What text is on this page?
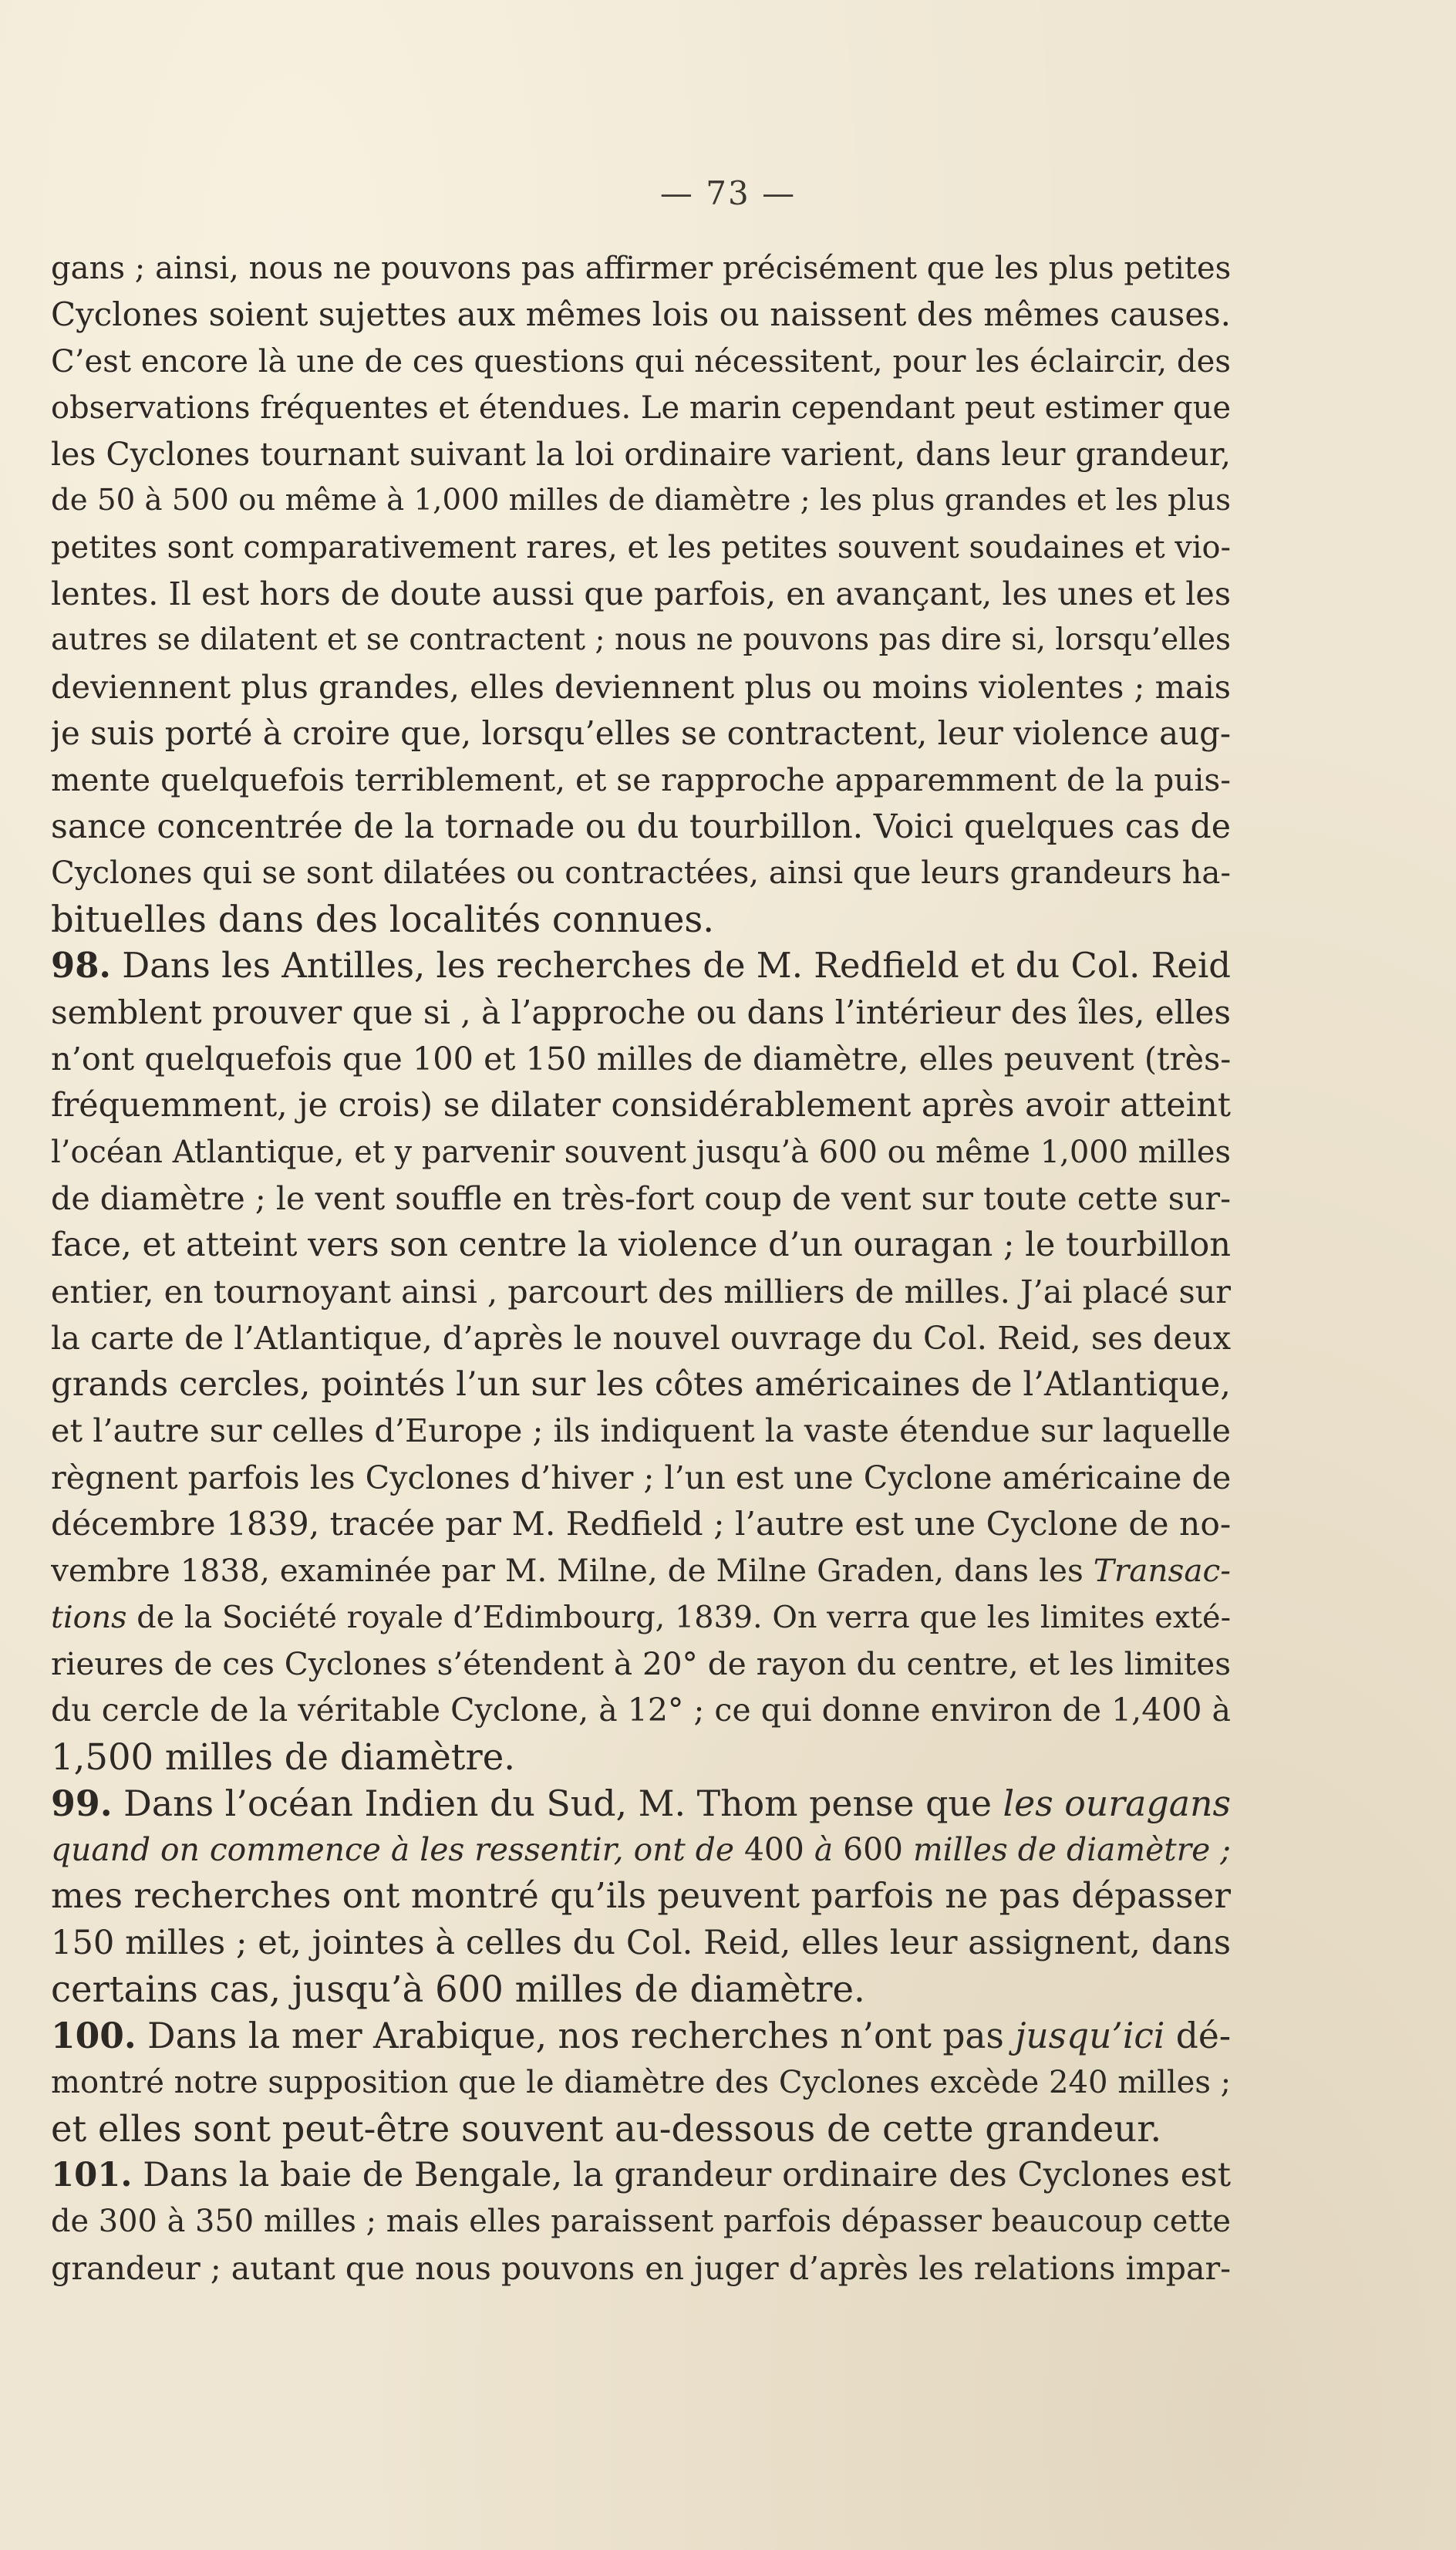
— 73 —
gans ; ainsi, nous ne pouvons pas affirmer précisément que les plus petites
Cyclones soient sujettes aux mêmes lois ou naissent des mêmes causes.
C’est encore là une de ces questions qui nécessitent, pour les éclaircir, des
observations fréquentes et étendues. Le marin cependant peut estimer que
les Cyclones tournant suivant la loi ordinaire varient, dans leur grandeur,
de 50 à 500 ou même à 1,000 milles de diamètre ; les plus grandes et les plus
petites sont comparativement rares, et les petites souvent soudaines et vio-
lentes. Il est hors de doute aussi que parfois, en avançant, les unes et les
autres se dilatent et se contractent ; nous ne pouvons pas dire si, lorsqu’elles
deviennent plus grandes, elles deviennent plus ou moins violentes ; mais
je suis porté à croire que, lorsqu’elles se contractent, leur violence aug-
mente quelquefois terriblement, et se rapproche apparemment de la puis-
sance concentrée de la tornade ou du tourbillon. Voici quelques cas de
Cyclones qui se sont dilatées ou contractées, ainsi que leurs grandeurs ha-
bituelles dans des localités connues.
98. Dans les Antilles, les recherches de M. Redfield et du Col. Reid
semblent prouver que si , à l’approche ou dans l’intérieur des îles, elles
n’ont quelquefois que 100 et 150 milles de diamètre, elles peuvent (très-
fréquemment, je crois) se dilater considérablement après avoir atteint
l’océan Atlantique, et y parvenir souvent jusqu’à 600 ou même 1,000 milles
de diamètre ; le vent souffle en très-fort coup de vent sur toute cette sur-
face, et atteint vers son centre la violence d’un ouragan ; le tourbillon
entier, en tournoyant ainsi , parcourt des milliers de milles. J’ai placé sur
la carte de l’Atlantique, d’après le nouvel ouvrage du Col. Reid, ses deux
grands cercles, pointés l’un sur les côtes américaines de l’Atlantique,
et l’autre sur celles d’Europe ; ils indiquent la vaste étendue sur laquelle
règnent parfois les Cyclones d’hiver ; l’un est une Cyclone américaine de
décembre 1839, tracée par M. Redfield ; l’autre est une Cyclone de no-
vembre 1838, examinée par M. Milne, de Milne Graden, dans les Transac-
tions de la Société royale d’Edimbourg, 1839. On verra que les limites exté-
rieures de ces Cyclones s’étendent à 20° de rayon du centre, et les limites
du cercle de la véritable Cyclone, à 12° ; ce qui donne environ de 1,400 à
1,500 milles de diamètre.
99. Dans l’océan Indien du Sud, M. Thom pense que les ouragans
quand on commence à les ressentir, ont de 400 à 600 milles de diamètre ;
mes recherches ont montré qu’ils peuvent parfois ne pas dépasser
150 milles ; et, jointes à celles du Col. Reid, elles leur assignent, dans
certains cas, jusqu’à 600 milles de diamètre.
100. Dans la mer Arabique, nos recherches n’ont pas jusqu’ici dé-
montré notre supposition que le diamètre des Cyclones excède 240 milles ;
et elles sont peut-être souvent au-dessous de cette grandeur.
101. Dans la baie de Bengale, la grandeur ordinaire des Cyclones est
de 300 à 350 milles ; mais elles paraissent parfois dépasser beaucoup cette
grandeur ; autant que nous pouvons en juger d’après les relations impar-
